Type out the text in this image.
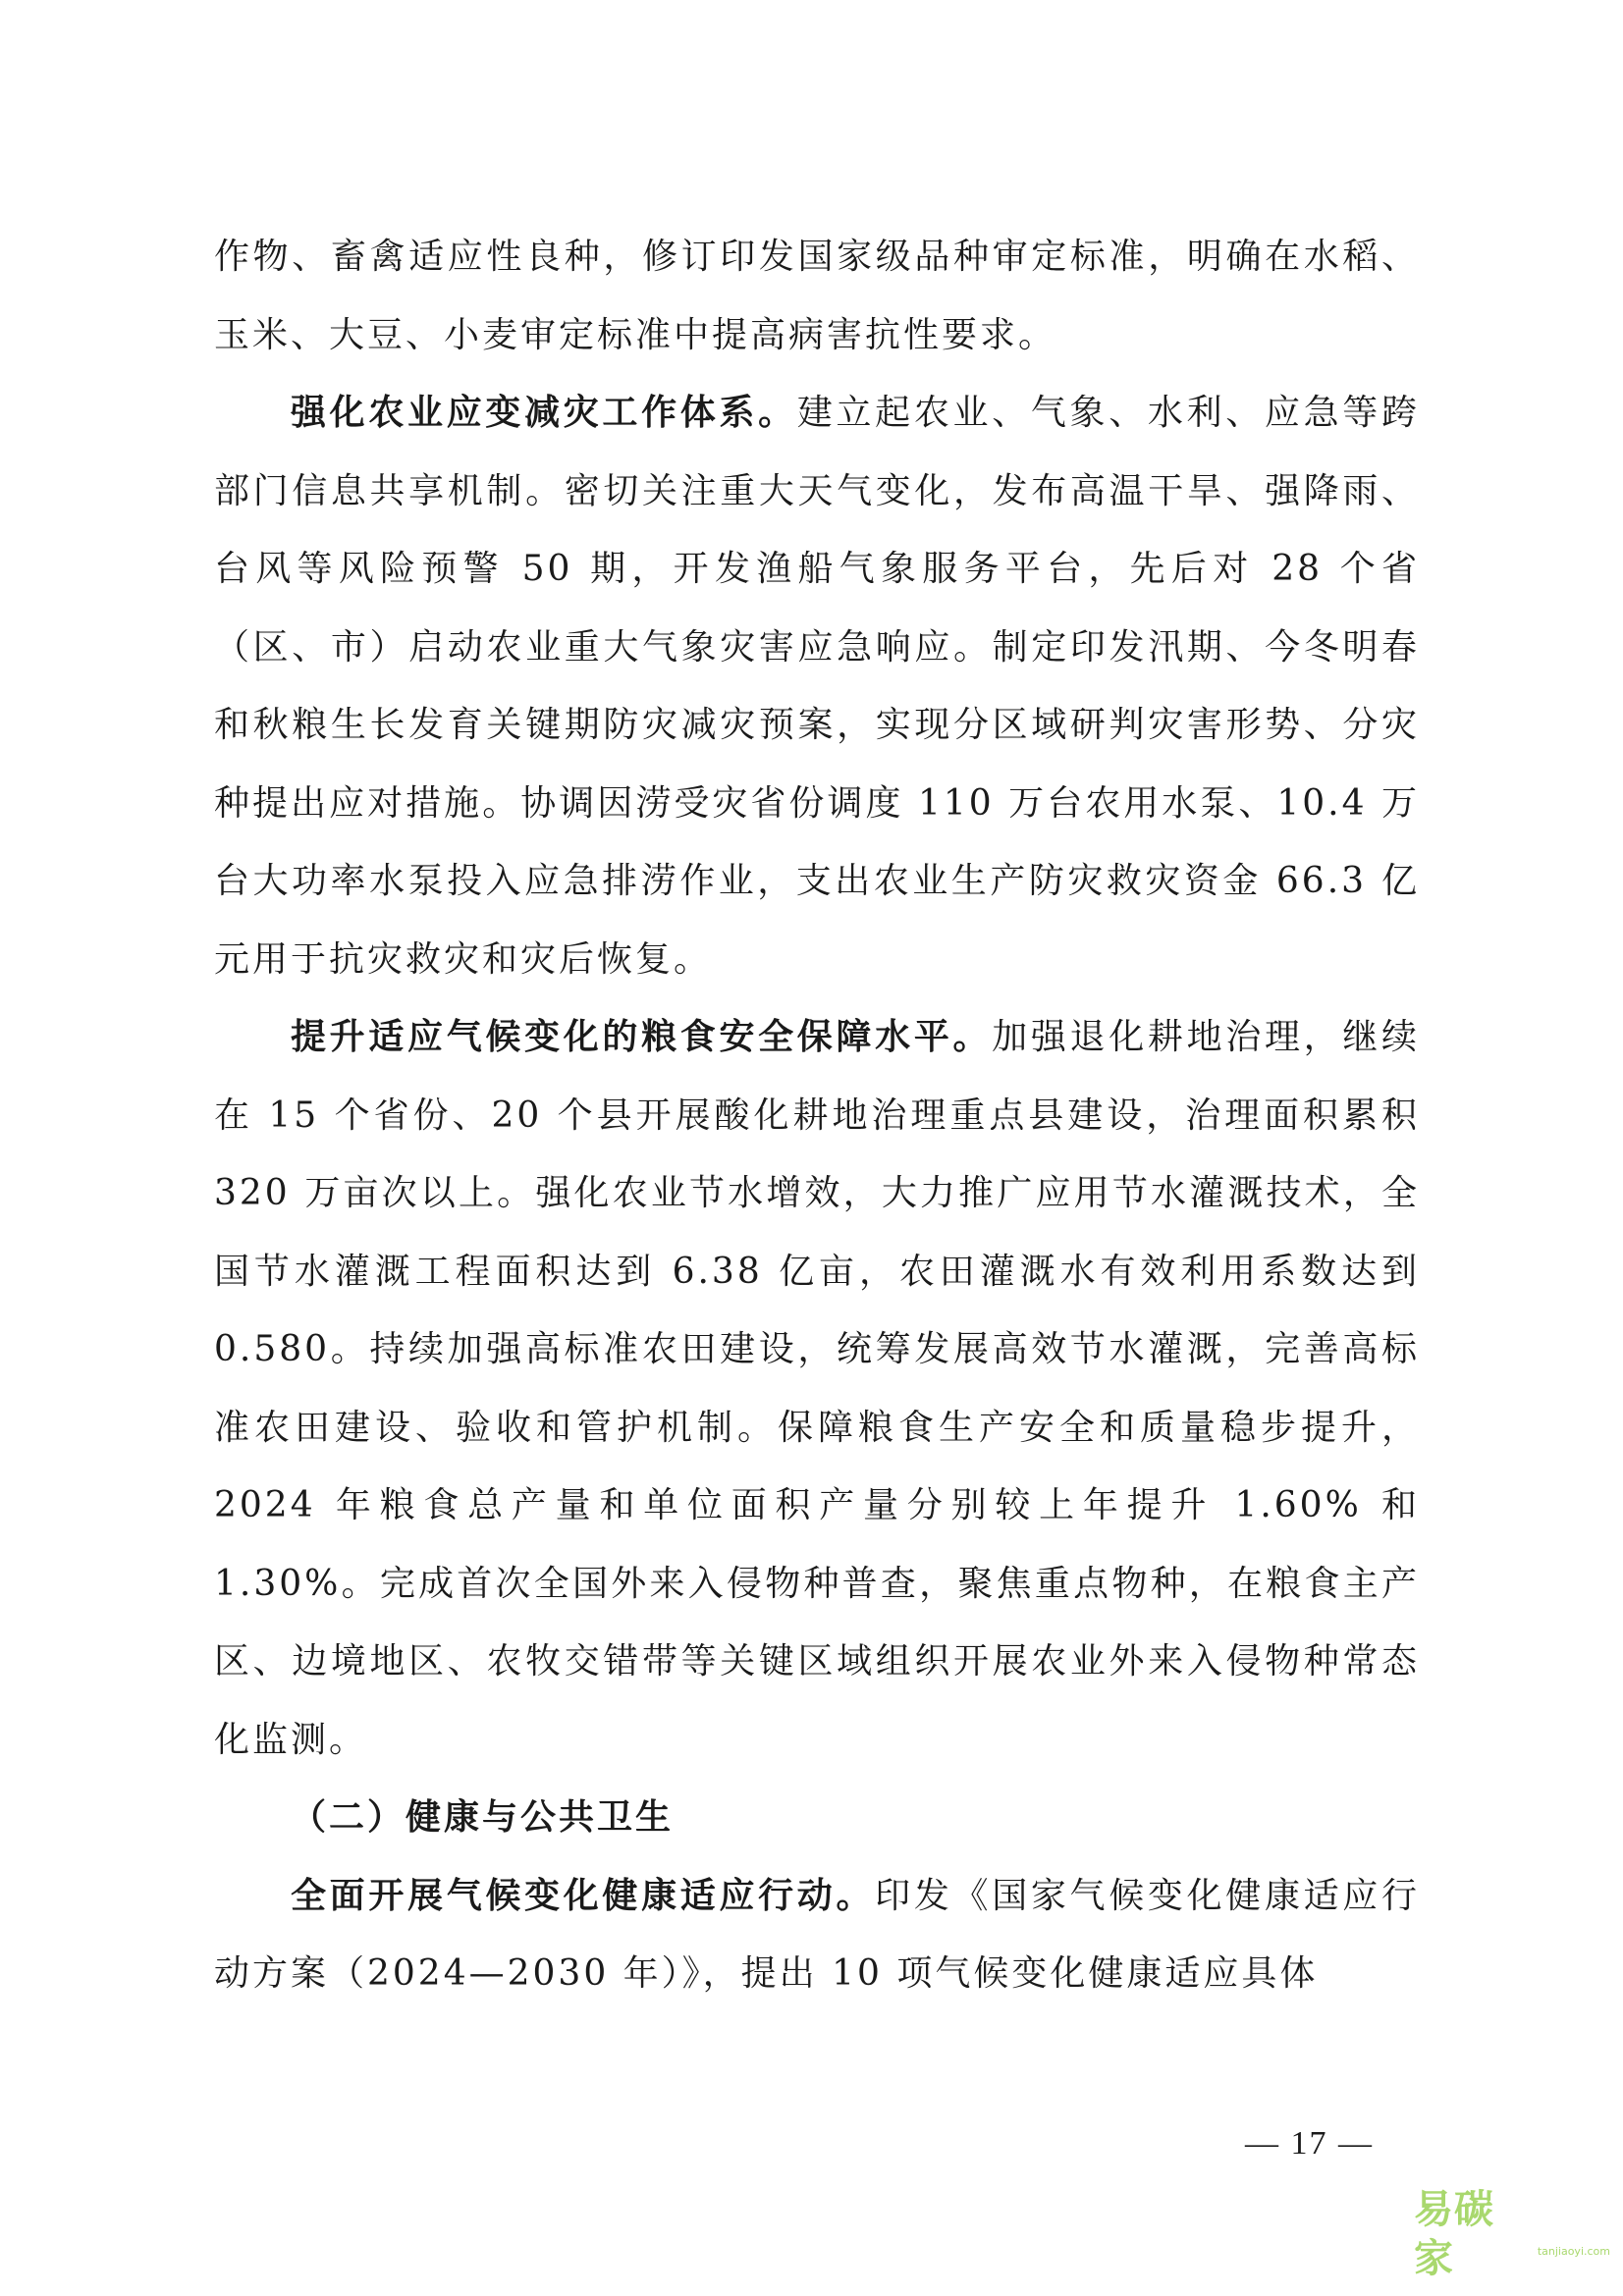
作物、畜禽适应性良种，修订印发国家级品种审定标准，明确在水稻、玉米、大豆、小麦审定标准中提高病害抗性要求。

强化农业应变减灾工作体系。建立起农业、气象、水利、应急等跨部门信息共享机制。密切关注重大天气变化，发布高温干旱、强降雨、台风等风险预警 50 期，开发渔船气象服务平台，先后对 28 个省（区、市）启动农业重大气象灾害应急响应。制定印发汛期、今冬明春和秋粮生长发育关键期防灾减灾预案，实现分区域研判灾害形势、分灾种提出应对措施。协调因涝受灾省份调度 110 万台农用水泵、10.4 万台大功率水泵投入应急排涝作业，支出农业生产防灾救灾资金 66.3 亿元用于抗灾救灾和灾后恢复。

提升适应气候变化的粮食安全保障水平。加强退化耕地治理，继续在 15 个省份、20 个县开展酸化耕地治理重点县建设，治理面积累积 320 万亩次以上。强化农业节水增效，大力推广应用节水灌溉技术，全国节水灌溉工程面积达到 6.38 亿亩，农田灌溉水有效利用系数达到 0.580。持续加强高标准农田建设，统筹发展高效节水灌溉，完善高标准农田建设、验收和管护机制。保障粮食生产安全和质量稳步提升，2024 年粮食总产量和单位面积产量分别较上年提升 1.60% 和 1.30%。完成首次全国外来入侵物种普查，聚焦重点物种，在粮食主产区、边境地区、农牧交错带等关键区域组织开展农业外来入侵物种常态化监测。

（二）健康与公共卫生

全面开展气候变化健康适应行动。印发《国家气候变化健康适应行动方案（2024—2030 年）》，提出 10 项气候变化健康适应具体

— 17 —
易碳家	tanjiaoyi.com
